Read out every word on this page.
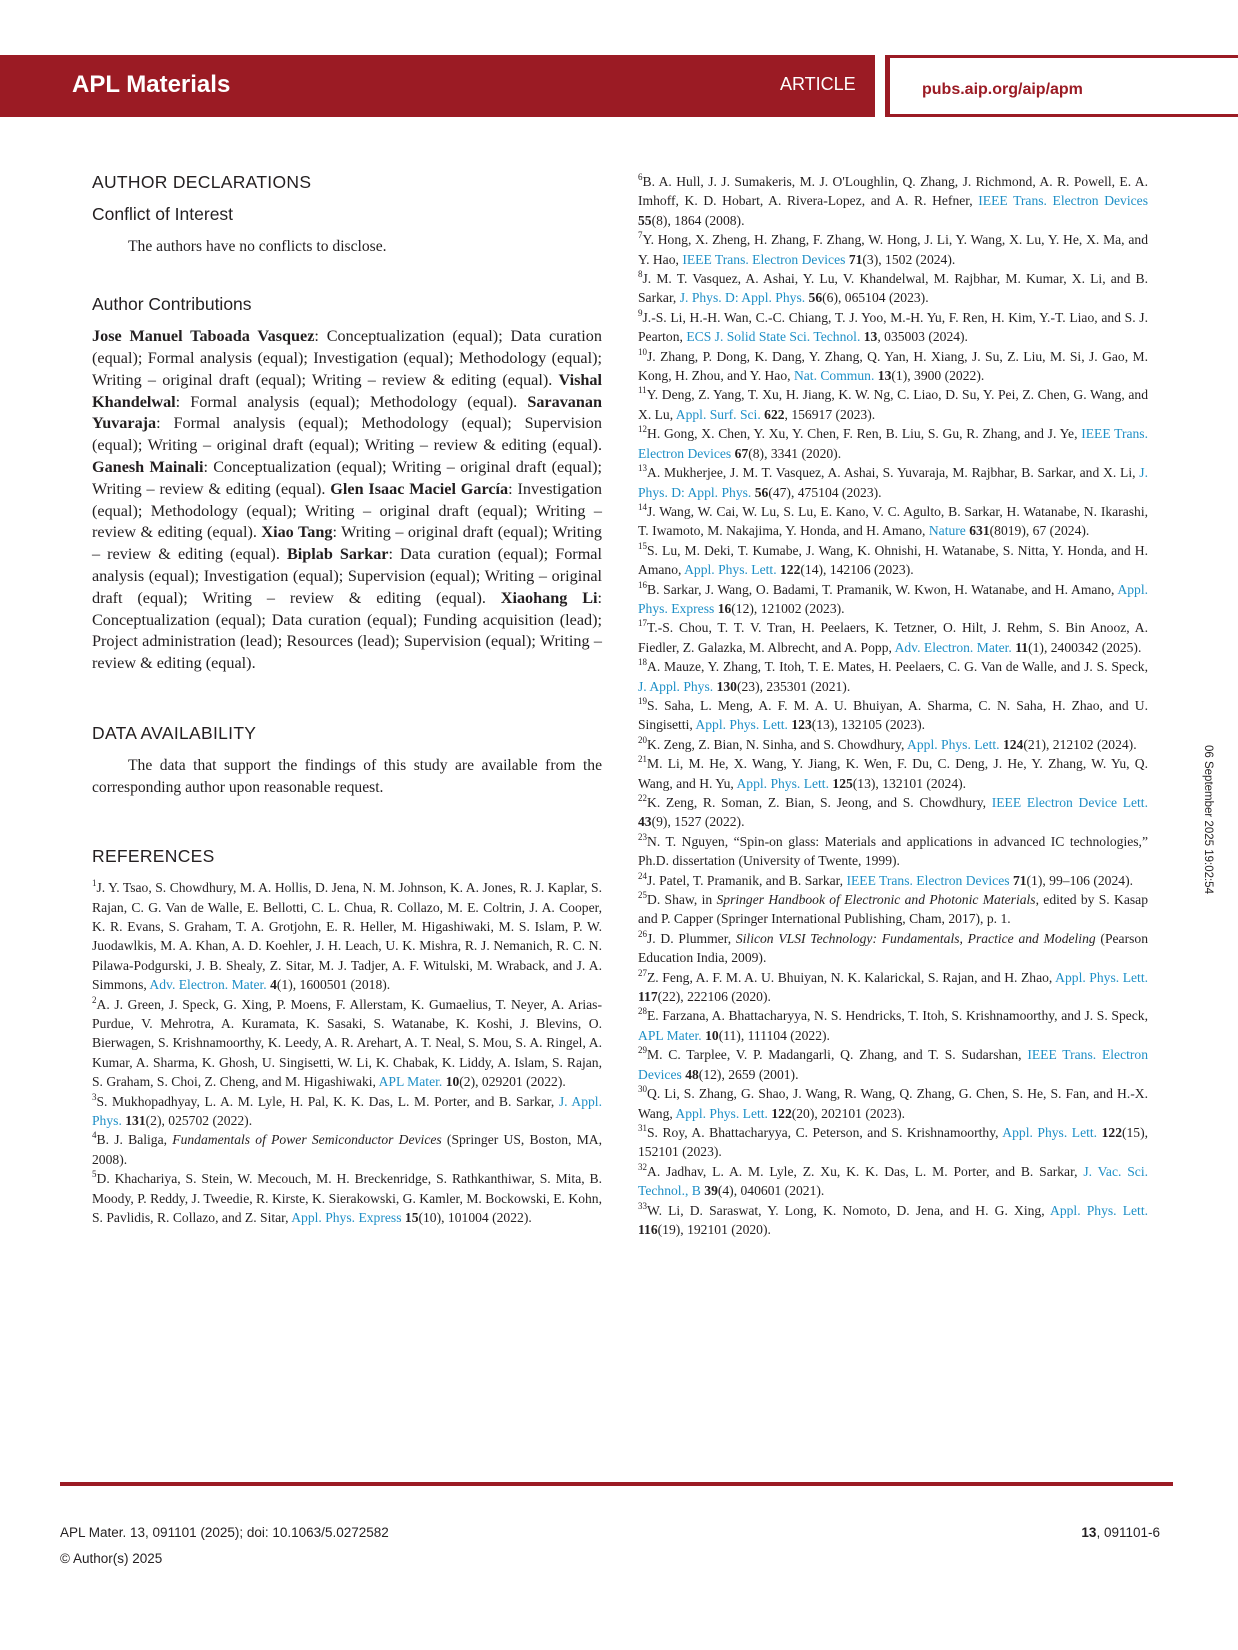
APL Materials	ARTICLE	pubs.aip.org/aip/apm
AUTHOR DECLARATIONS
Conflict of Interest

The authors have no conflicts to disclose.

Author Contributions

Jose Manuel Taboada Vasquez: Conceptualization (equal); Data curation (equal); Formal analysis (equal); Investigation (equal); Methodology (equal); Writing – original draft (equal); Writing – review & editing (equal). Vishal Khandelwal: Formal analysis (equal); Methodology (equal). Saravanan Yuvaraja: Formal analysis (equal); Methodology (equal); Supervision (equal); Writing – original draft (equal); Writing – review & editing (equal). Ganesh Mainali: Conceptualization (equal); Writing – original draft (equal); Writing – review & editing (equal). Glen Isaac Maciel García: Investigation (equal); Methodology (equal); Writing – original draft (equal); Writing – review & editing (equal). Xiao Tang: Writing – original draft (equal); Writing – review & editing (equal). Biplab Sarkar: Data curation (equal); Formal analysis (equal); Investigation (equal); Supervision (equal); Writing – original draft (equal); Writing – review & editing (equal). Xiaohang Li: Conceptualization (equal); Data curation (equal); Funding acquisition (lead); Project administration (lead); Resources (lead); Supervision (equal); Writing – review & editing (equal).

DATA AVAILABILITY

The data that support the findings of this study are available from the corresponding author upon reasonable request.

REFERENCES

$^1$J. Y. Tsao, S. Chowdhury, M. A. Hollis, D. Jena, N. M. Johnson, K. A. Jones, R. J. Kaplar, S. Rajan, C. G. Van de Walle, E. Bellotti, C. L. Chua, R. Collazo, M. E. Coltrin, J. A. Cooper, K. R. Evans, S. Graham, T. A. Grotjohn, E. R. Heller, M. Higashiwaki, M. S. Islam, P. W. Juodawlkis, M. A. Khan, A. D. Koehler, J. H. Leach, U. K. Mishra, R. J. Nemanich, R. C. N. Pilawa-Podgurski, J. B. Shealy, Z. Sitar, M. J. Tadjer, A. F. Witulski, M. Wraback, and J. A. Simmons, Adv. Electron. Mater. 4(1), 1600501 (2018).

$^2$A. J. Green, J. Speck, G. Xing, P. Moens, F. Allerstam, K. Gumaelius, T. Neyer, A. Arias-Purdue, V. Mehrotra, A. Kuramata, K. Sasaki, S. Watanabe, K. Koshi, J. Blevins, O. Bierwagen, S. Krishnamoorthy, K. Leedy, A. R. Arehart, A. T. Neal, S. Mou, S. A. Ringel, A. Kumar, A. Sharma, K. Ghosh, U. Singisetti, W. Li, K. Chabak, K. Liddy, A. Islam, S. Rajan, S. Graham, S. Choi, Z. Cheng, and M. Higashiwaki, APL Mater. 10(2), 029201 (2022).

$^3$S. Mukhopadhyay, L. A. M. Lyle, H. Pal, K. K. Das, L. M. Porter, and B. Sarkar, J. Appl. Phys. 131(2), 025702 (2022).

$^4$B. J. Baliga, Fundamentals of Power Semiconductor Devices (Springer US, Boston, MA, 2008).

$^5$D. Khachariya, S. Stein, W. Mecouch, M. H. Breckenridge, S. Rathkanthiwar, S. Mita, B. Moody, P. Reddy, J. Tweedie, R. Kirste, K. Sierakowski, G. Kamler, M. Bockowski, E. Kohn, S. Pavlidis, R. Collazo, and Z. Sitar, Appl. Phys. Express 15(10), 101004 (2022).

$^6$B. A. Hull, J. J. Sumakeris, M. J. O'Loughlin, Q. Zhang, J. Richmond, A. R. Powell, E. A. Imhoff, K. D. Hobart, A. Rivera-Lopez, and A. R. Hefner, IEEE Trans. Electron Devices 55(8), 1864 (2008).

$^7$Y. Hong, X. Zheng, H. Zhang, F. Zhang, W. Hong, J. Li, Y. Wang, X. Lu, Y. He, X. Ma, and Y. Hao, IEEE Trans. Electron Devices 71(3), 1502 (2024).

$^8$J. M. T. Vasquez, A. Ashai, Y. Lu, V. Khandelwal, M. Rajbhar, M. Kumar, X. Li, and B. Sarkar, J. Phys. D: Appl. Phys. 56(6), 065104 (2023).

$^9$J.-S. Li, H.-H. Wan, C.-C. Chiang, T. J. Yoo, M.-H. Yu, F. Ren, H. Kim, Y.-T. Liao, and S. J. Pearton, ECS J. Solid State Sci. Technol. 13, 035003 (2024).

$^{10}$J. Zhang, P. Dong, K. Dang, Y. Zhang, Q. Yan, H. Xiang, J. Su, Z. Liu, M. Si, J. Gao, M. Kong, H. Zhou, and Y. Hao, Nat. Commun. 13(1), 3900 (2022).

$^{11}$Y. Deng, Z. Yang, T. Xu, H. Jiang, K. W. Ng, C. Liao, D. Su, Y. Pei, Z. Chen, G. Wang, and X. Lu, Appl. Surf. Sci. 622, 156917 (2023).

$^{12}$H. Gong, X. Chen, Y. Xu, Y. Chen, F. Ren, B. Liu, S. Gu, R. Zhang, and J. Ye, IEEE Trans. Electron Devices 67(8), 3341 (2020).

$^{13}$A. Mukherjee, J. M. T. Vasquez, A. Ashai, S. Yuvaraja, M. Rajbhar, B. Sarkar, and X. Li, J. Phys. D: Appl. Phys. 56(47), 475104 (2023).

$^{14}$J. Wang, W. Cai, W. Lu, S. Lu, E. Kano, V. C. Agulto, B. Sarkar, H. Watanabe, N. Ikarashi, T. Iwamoto, M. Nakajima, Y. Honda, and H. Amano, Nature 631(8019), 67 (2024).

$^{15}$S. Lu, M. Deki, T. Kumabe, J. Wang, K. Ohnishi, H. Watanabe, S. Nitta, Y. Honda, and H. Amano, Appl. Phys. Lett. 122(14), 142106 (2023).

$^{16}$B. Sarkar, J. Wang, O. Badami, T. Pramanik, W. Kwon, H. Watanabe, and H. Amano, Appl. Phys. Express 16(12), 121002 (2023).

$^{17}$T.-S. Chou, T. T. V. Tran, H. Peelaers, K. Tetzner, O. Hilt, J. Rehm, S. Bin Anooz, A. Fiedler, Z. Galazka, M. Albrecht, and A. Popp, Adv. Electron. Mater. 11(1), 2400342 (2025).

$^{18}$A. Mauze, Y. Zhang, T. Itoh, T. E. Mates, H. Peelaers, C. G. Van de Walle, and J. S. Speck, J. Appl. Phys. 130(23), 235301 (2021).

$^{19}$S. Saha, L. Meng, A. F. M. A. U. Bhuiyan, A. Sharma, C. N. Saha, H. Zhao, and U. Singisetti, Appl. Phys. Lett. 123(13), 132105 (2023).

$^{20}$K. Zeng, Z. Bian, N. Sinha, and S. Chowdhury, Appl. Phys. Lett. 124(21), 212102 (2024).

$^{21}$M. Li, M. He, X. Wang, Y. Jiang, K. Wen, F. Du, C. Deng, J. He, Y. Zhang, W. Yu, Q. Wang, and H. Yu, Appl. Phys. Lett. 125(13), 132101 (2024).

$^{22}$K. Zeng, R. Soman, Z. Bian, S. Jeong, and S. Chowdhury, IEEE Electron Device Lett. 43(9), 1527 (2022).

$^{23}$N. T. Nguyen, “Spin-on glass: Materials and applications in advanced IC technologies,” Ph.D. dissertation (University of Twente, 1999).

$^{24}$J. Patel, T. Pramanik, and B. Sarkar, IEEE Trans. Electron Devices 71(1), 99–106 (2024).

$^{25}$D. Shaw, in Springer Handbook of Electronic and Photonic Materials, edited by S. Kasap and P. Capper (Springer International Publishing, Cham, 2017), p. 1.

$^{26}$J. D. Plummer, Silicon VLSI Technology: Fundamentals, Practice and Modeling (Pearson Education India, 2009).

$^{27}$Z. Feng, A. F. M. A. U. Bhuiyan, N. K. Kalarickal, S. Rajan, and H. Zhao, Appl. Phys. Lett. 117(22), 222106 (2020).

$^{28}$E. Farzana, A. Bhattacharyya, N. S. Hendricks, T. Itoh, S. Krishnamoorthy, and J. S. Speck, APL Mater. 10(11), 111104 (2022).

$^{29}$M. C. Tarplee, V. P. Madangarli, Q. Zhang, and T. S. Sudarshan, IEEE Trans. Electron Devices 48(12), 2659 (2001).

$^{30}$Q. Li, S. Zhang, G. Shao, J. Wang, R. Wang, Q. Zhang, G. Chen, S. He, S. Fan, and H.-X. Wang, Appl. Phys. Lett. 122(20), 202101 (2023).

$^{31}$S. Roy, A. Bhattacharyya, C. Peterson, and S. Krishnamoorthy, Appl. Phys. Lett. 122(15), 152101 (2023).

$^{32}$A. Jadhav, L. A. M. Lyle, Z. Xu, K. K. Das, L. M. Porter, and B. Sarkar, J. Vac. Sci. Technol., B 39(4), 040601 (2021).

$^{33}$W. Li, D. Saraswat, Y. Long, K. Nomoto, D. Jena, and H. G. Xing, Appl. Phys. Lett. 116(19), 192101 (2020).

06 September 2025 19:02:54
APL Mater. 13, 091101 (2025); doi: 10.1063/5.0272582
© Author(s) 2025
13, 091101-6
